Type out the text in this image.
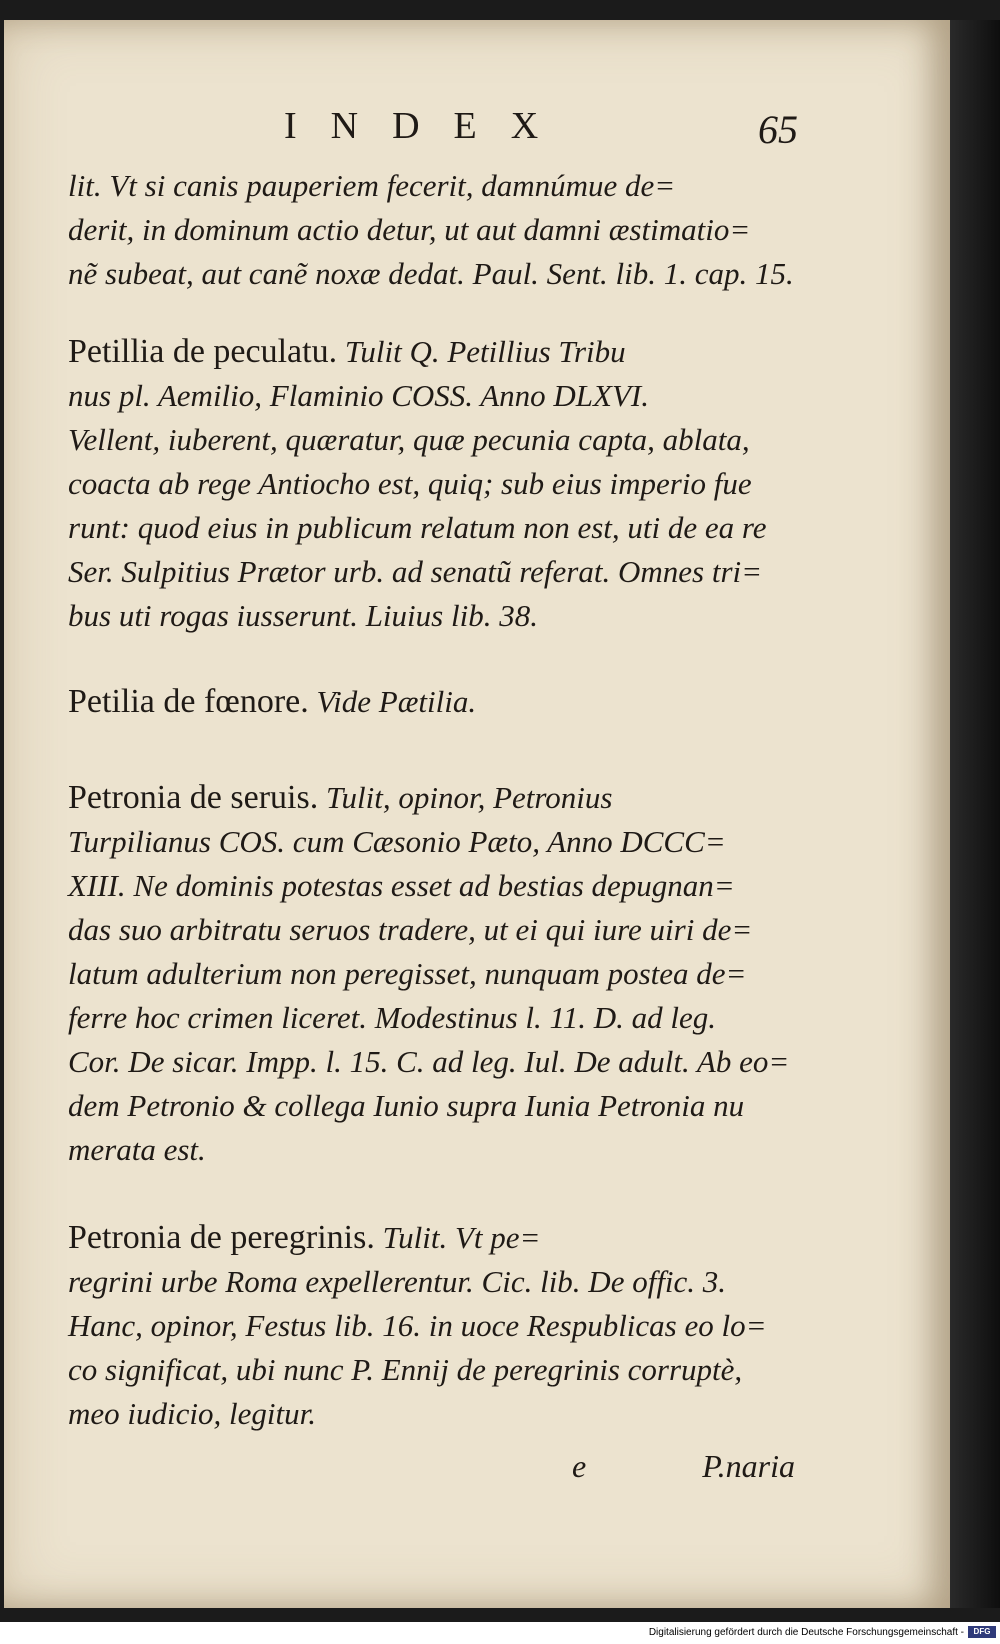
INDEX	65
lit. Vt si canis pauperiem fecerit, damnúmue de=
derit, in dominum actio detur, ut aut damni æstimatio=
nẽ subeat, aut canẽ noxæ dedat. Paul. Sent. lib. 1. cap. 15.
Petillia de peculatu. Tulit Q. Petillius Tribu
nus pl. Aemilio, Flaminio COSS. Anno DLXVI.
Vellent, iuberent, quæratur, quæ pecunia capta, ablata,
coacta ab rege Antiocho est, quiq; sub eius imperio fue
runt: quod eius in publicum relatum non est, uti de ea re
Ser. Sulpitius Prætor urb. ad senatũ referat. Omnes tri=
bus uti rogas iusserunt. Liuius lib. 38.
Petilia de fœnore. Vide Pætilia.
Petronia de seruis. Tulit, opinor, Petronius
Turpilianus COS. cum Cæsonio Pæto, Anno DCCC=
XIII. Ne dominis potestas esset ad bestias depugnan=
das suo arbitratu seruos tradere, ut ei qui iure uiri de=
latum adulterium non peregisset, nunquam postea de=
ferre hoc crimen liceret. Modestinus l. 11. D. ad leg.
Cor. De sicar. Impp. l. 15. C. ad leg. Iul. De adult. Ab eo=
dem Petronio & collega Iunio supra Iunia Petronia nu
merata est.
Petronia de peregrinis. Tulit. Vt pe=
regrini urbe Roma expellerentur. Cic. lib. De offic. 3.
Hanc, opinor, Festus lib. 16. in uoce Respublicas eo lo=
co significat, ubi nunc P. Ennij de peregrinis corruptè,
meo iudicio, legitur.
e	P.naria
Digitalisierung gefördert durch die Deutsche Forschungsgemeinschaft -	DFG
